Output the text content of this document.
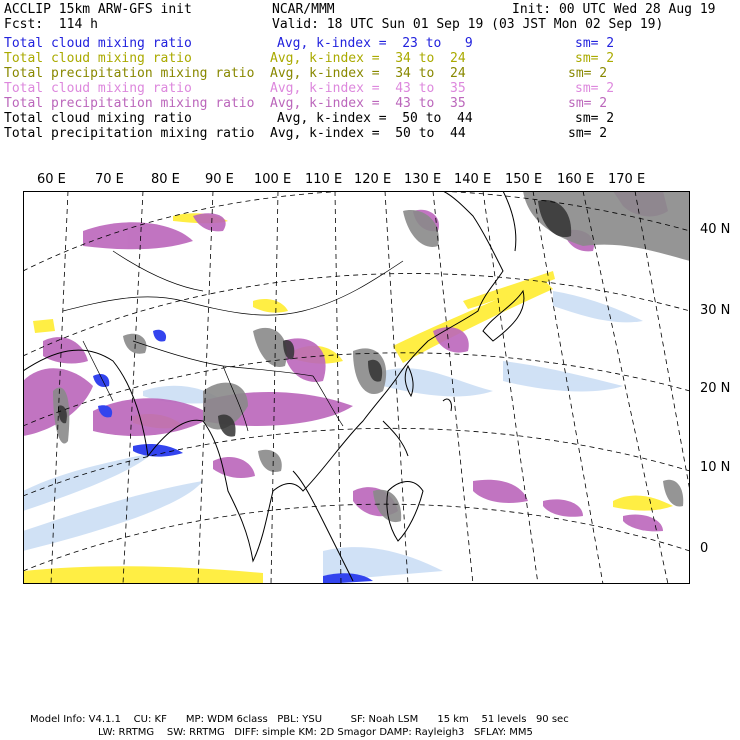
ACCLIP 15km ARW-GFS init	NCAR/MMM	Init: 00 UTC Wed 28 Aug 19
Fcst:  114 h	Valid: 18 UTC Sun 01 Sep 19 (03 JST Mon 02 Sep 19)
Total cloud mixing ratio	Avg, k-index =  23 to   9	sm= 2
Total cloud mixing ratio	Avg, k-index =  34 to  24	sm= 2
Total precipitation mixing ratio Avg, k-index =  34 to  24	sm= 2
Total cloud mixing ratio	Avg, k-index =  43 to  35	sm= 2
Total precipitation mixing ratio Avg, k-index =  43 to  35	sm= 2
Total cloud mixing ratio	Avg, k-index =  50 to  44	sm= 2
Total precipitation mixing ratio Avg, k-index =  50 to  44	sm= 2
60 E 70 E 80 E 90 E 100 E 110 E 120 E 130 E 140 E 150 E 160 E 170 E
40 N
30 N
20 N
10 N
0
Model Info: V4.1.1    CU: KF      MP: WDM 6class   PBL: YSU         SF: Noah LSM      15 km    51 levels   90 sec
LW: RRTMG    SW: RRTMG   DIFF: simple KM: 2D Smagor DAMP: Rayleigh3   SFLAY: MM5
